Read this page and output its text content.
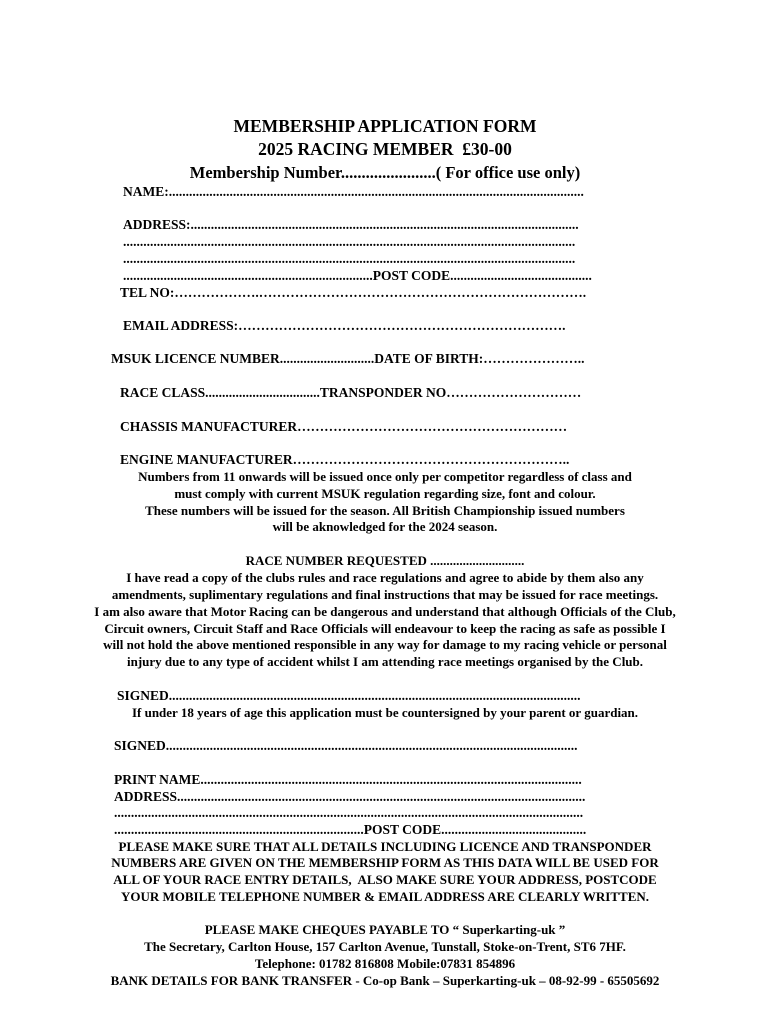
MEMBERSHIP APPLICATION FORM
2025 RACING MEMBER  £30-00
Membership Number.......................( For office use only)
NAME:...........................................................................................................................
ADDRESS:...................................................................................................................
......................................................................................................................................
......................................................................................................................................
..........................................................................POST CODE..........................................
TEL NO:……………….……………………………………………………………….
EMAIL ADDRESS:……………………………………………………………….
MSUK LICENCE NUMBER............................DATE OF BIRTH:…………………..
RACE CLASS..................................TRANSPONDER NO…………………………
CHASSIS MANUFACTURER……………………………………………………
ENGINE MANUFACTURER……………………………………………………..
Numbers from 11 onwards will be issued once only per competitor regardless of class and
must comply with current MSUK regulation regarding size, font and colour.
These numbers will be issued for the season. All British Championship issued numbers
will be aknowledged for the 2024 season.
RACE NUMBER REQUESTED .............................
I have read a copy of the clubs rules and race regulations and agree to abide by them also any
amendments, suplimentary regulations and final instructions that may be issued for race meetings.
I am also aware that Motor Racing can be dangerous and understand that although Officials of the Club,
Circuit owners, Circuit Staff and Race Officials will endeavour to keep the racing as safe as possible I
will not hold the above mentioned responsible in any way for damage to my racing vehicle or personal
injury due to any type of accident whilst I am attending race meetings organised by the Club.
SIGNED..........................................................................................................................
If under 18 years of age this application must be countersigned by your parent or guardian.
SIGNED..........................................................................................................................
PRINT NAME.................................................................................................................
ADDRESS.........................................................................................................................
...........................................................................................................................................
..........................................................................POST CODE...........................................
PLEASE MAKE SURE THAT ALL DETAILS INCLUDING LICENCE AND TRANSPONDER
NUMBERS ARE GIVEN ON THE MEMBERSHIP FORM AS THIS DATA WILL BE USED FOR
ALL OF YOUR RACE ENTRY DETAILS,  ALSO MAKE SURE YOUR ADDRESS, POSTCODE
YOUR MOBILE TELEPHONE NUMBER & EMAIL ADDRESS ARE CLEARLY WRITTEN.
PLEASE MAKE CHEQUES PAYABLE TO “ Superkarting-uk ”
The Secretary, Carlton House, 157 Carlton Avenue, Tunstall, Stoke-on-Trent, ST6 7HF.
Telephone: 01782 816808 Mobile:07831 854896
BANK DETAILS FOR BANK TRANSFER - Co-op Bank – Superkarting-uk – 08-92-99 - 65505692
